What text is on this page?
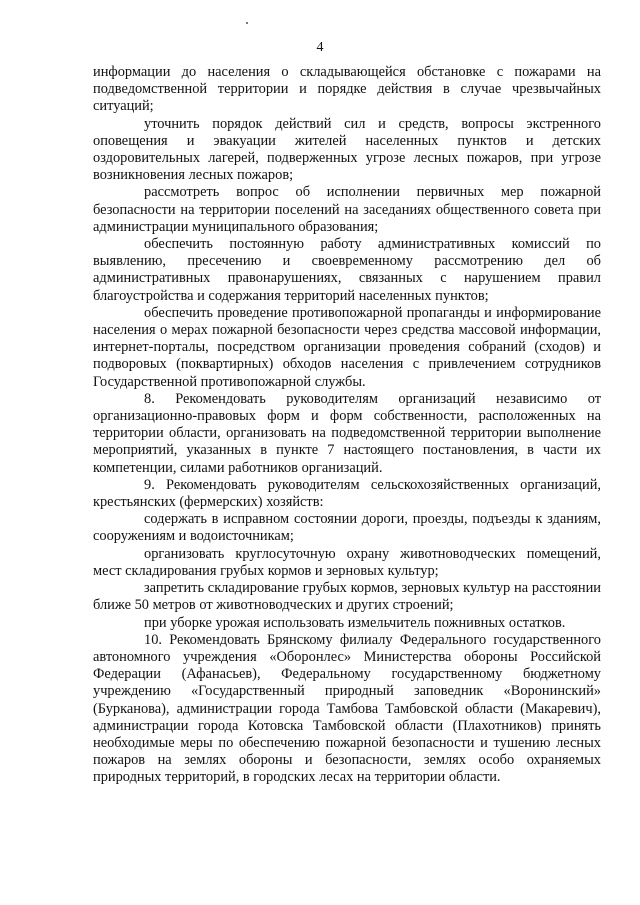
4

информации до населения о складывающейся обстановке с пожарами на подведомственной территории и порядке действия в случае чрезвычайных ситуаций;

уточнить порядок действий сил и средств, вопросы экстренного оповещения и эвакуации жителей населенных пунктов и детских оздоровительных лагерей, подверженных угрозе лесных пожаров, при угрозе возникновения лесных пожаров;

рассмотреть вопрос об исполнении первичных мер пожарной безопасности на территории поселений на заседаниях общественного совета при администрации муниципального образования;

обеспечить постоянную работу административных комиссий по выявлению, пресечению и своевременному рассмотрению дел об административных правонарушениях, связанных с нарушением правил благоустройства и содержания территорий населенных пунктов;

обеспечить проведение противопожарной пропаганды и информирование населения о мерах пожарной безопасности через средства массовой информации, интернет-порталы, посредством организации проведения собраний (сходов) и подворовых (поквартирных) обходов населения с привлечением сотрудников Государственной противопожарной службы.

8. Рекомендовать руководителям организаций независимо от организационно-правовых форм и форм собственности, расположенных на территории области, организовать на подведомственной территории выполнение мероприятий, указанных в пункте 7 настоящего постановления, в части их компетенции, силами работников организаций.

9. Рекомендовать руководителям сельскохозяйственных организаций, крестьянских (фермерских) хозяйств:

содержать в исправном состоянии дороги, проезды, подъезды к зданиям, сооружениям и водоисточникам;

организовать круглосуточную охрану животноводческих помещений, мест складирования грубых кормов и зерновых культур;

запретить складирование грубых кормов, зерновых культур на расстоянии ближе 50 метров от животноводческих и других строений;

при уборке урожая использовать измельчитель пожнивных остатков.

10. Рекомендовать Брянскому филиалу Федерального государственного автономного учреждения «Оборонлес» Министерства обороны Российской Федерации (Афанасьев), Федеральному государственному бюджетному учреждению «Государственный природный заповедник «Воронинский» (Бурканова), администрации города Тамбова Тамбовской области (Макаревич), администрации города Котовска Тамбовской области (Плахотников) принять необходимые меры по обеспечению пожарной безопасности и тушению лесных пожаров на землях обороны и безопасности, землях особо охраняемых природных территорий, в городских лесах на территории области.
